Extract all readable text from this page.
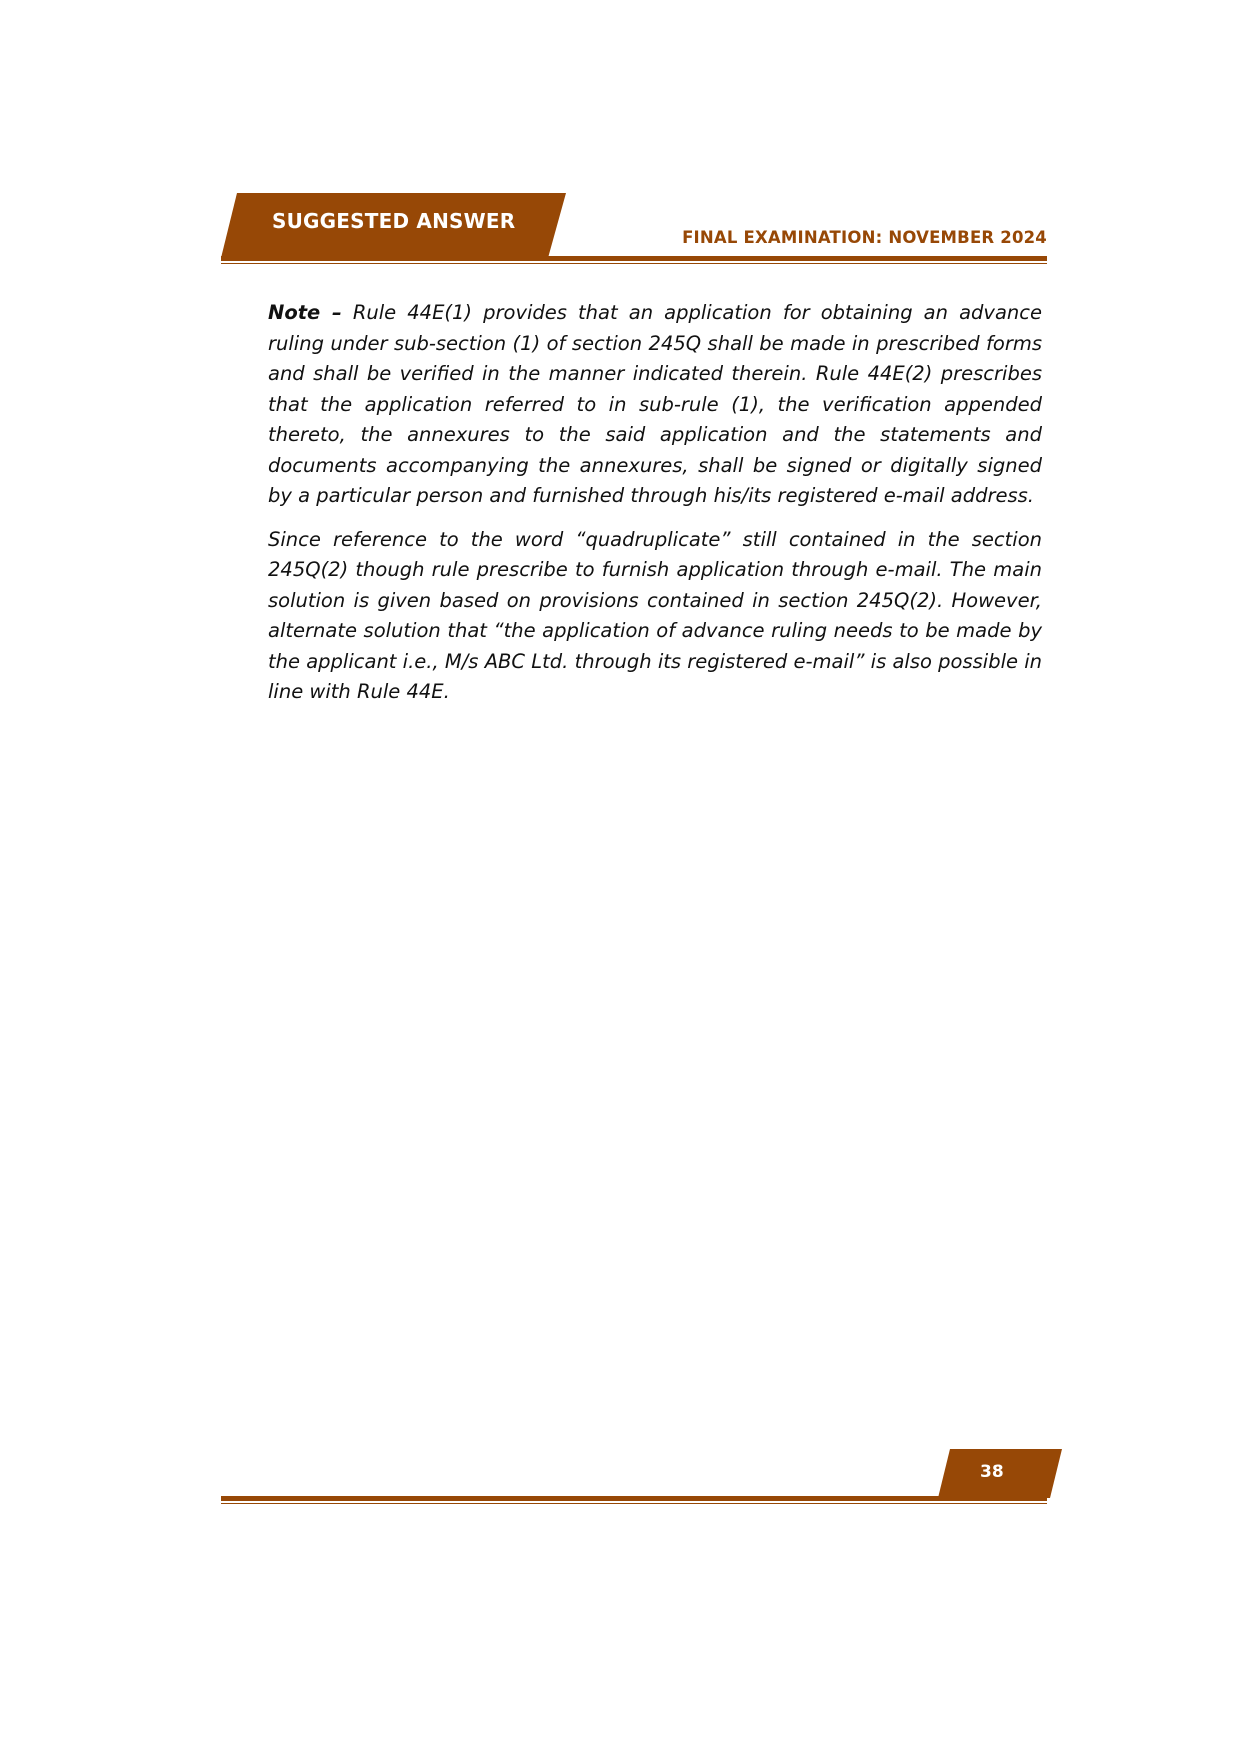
SUGGESTED ANSWER
FINAL EXAMINATION: NOVEMBER 2024

Note – Rule 44E(1) provides that an application for obtaining an advance ruling under sub-section (1) of section 245Q shall be made in prescribed forms and shall be verified in the manner indicated therein. Rule 44E(2) prescribes that the application referred to in sub-rule (1), the verification appended thereto, the annexures to the said application and the statements and documents accompanying the annexures, shall be signed or digitally signed by a particular person and furnished through his/its registered e-mail address.

Since reference to the word “quadruplicate” still contained in the section 245Q(2) though rule prescribe to furnish application through e-mail. The main solution is given based on provisions contained in section 245Q(2). However, alternate solution that “the application of advance ruling needs to be made by the applicant i.e., M/s ABC Ltd. through its registered e-mail” is also possible in line with Rule 44E.

38
